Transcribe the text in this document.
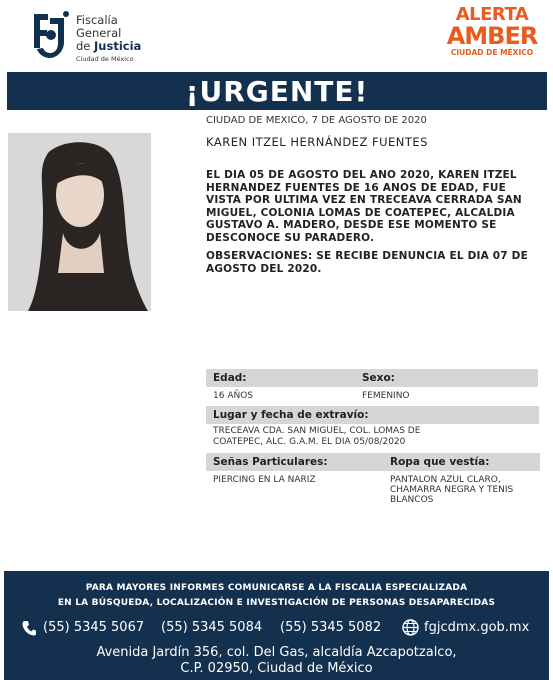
Fiscalía
General
de Justicia
Ciudad de México
ALERTA
AMBER
CIUDAD DE MÉXICO
¡URGENTE!
CIUDAD DE MEXICO, 7 DE AGOSTO DE 2020
KAREN ITZEL HERNÁNDEZ FUENTES
EL DIA 05 DE AGOSTO DEL ANO 2020, KAREN ITZEL HERNANDEZ FUENTES DE 16 ANOS DE EDAD, FUE VISTA POR ULTIMA VEZ EN TRECEAVA CERRADA SAN MIGUEL, COLONIA LOMAS DE COATEPEC, ALCALDIA GUSTAVO A. MADERO, DESDE ESE MOMENTO SE DESCONOCE SU PARADERO.
OBSERVACIONES: SE RECIBE DENUNCIA EL DIA 07 DE AGOSTO DEL 2020.
Edad:	Sexo:
16 AÑOS	FEMENINO
Lugar y fecha de extravío:
TRECEAVA CDA. SAN MIGUEL, COL. LOMAS DE
COATEPEC, ALC. G.A.M. EL DIA 05/08/2020
Señas Particulares:	Ropa que vestía:
PIERCING EN LA NARIZ	PANTALON AZUL CLARO,
CHAMARRA NEGRA Y TENIS
BLANCOS
PARA MAYORES INFORMES COMUNICARSE A LA FISCALIA ESPECIALIZADA
EN LA BÚSQUEDA, LOCALIZACIÓN E INVESTIGACIÓN DE PERSONAS DESAPARECIDAS
(55) 5345 5067 (55) 5345 5084 (55) 5345 5082	fgjcdmx.gob.mx
Avenida Jardín 356, col. Del Gas, alcaldía Azcapotzalco,
C.P. 02950, Ciudad de México
